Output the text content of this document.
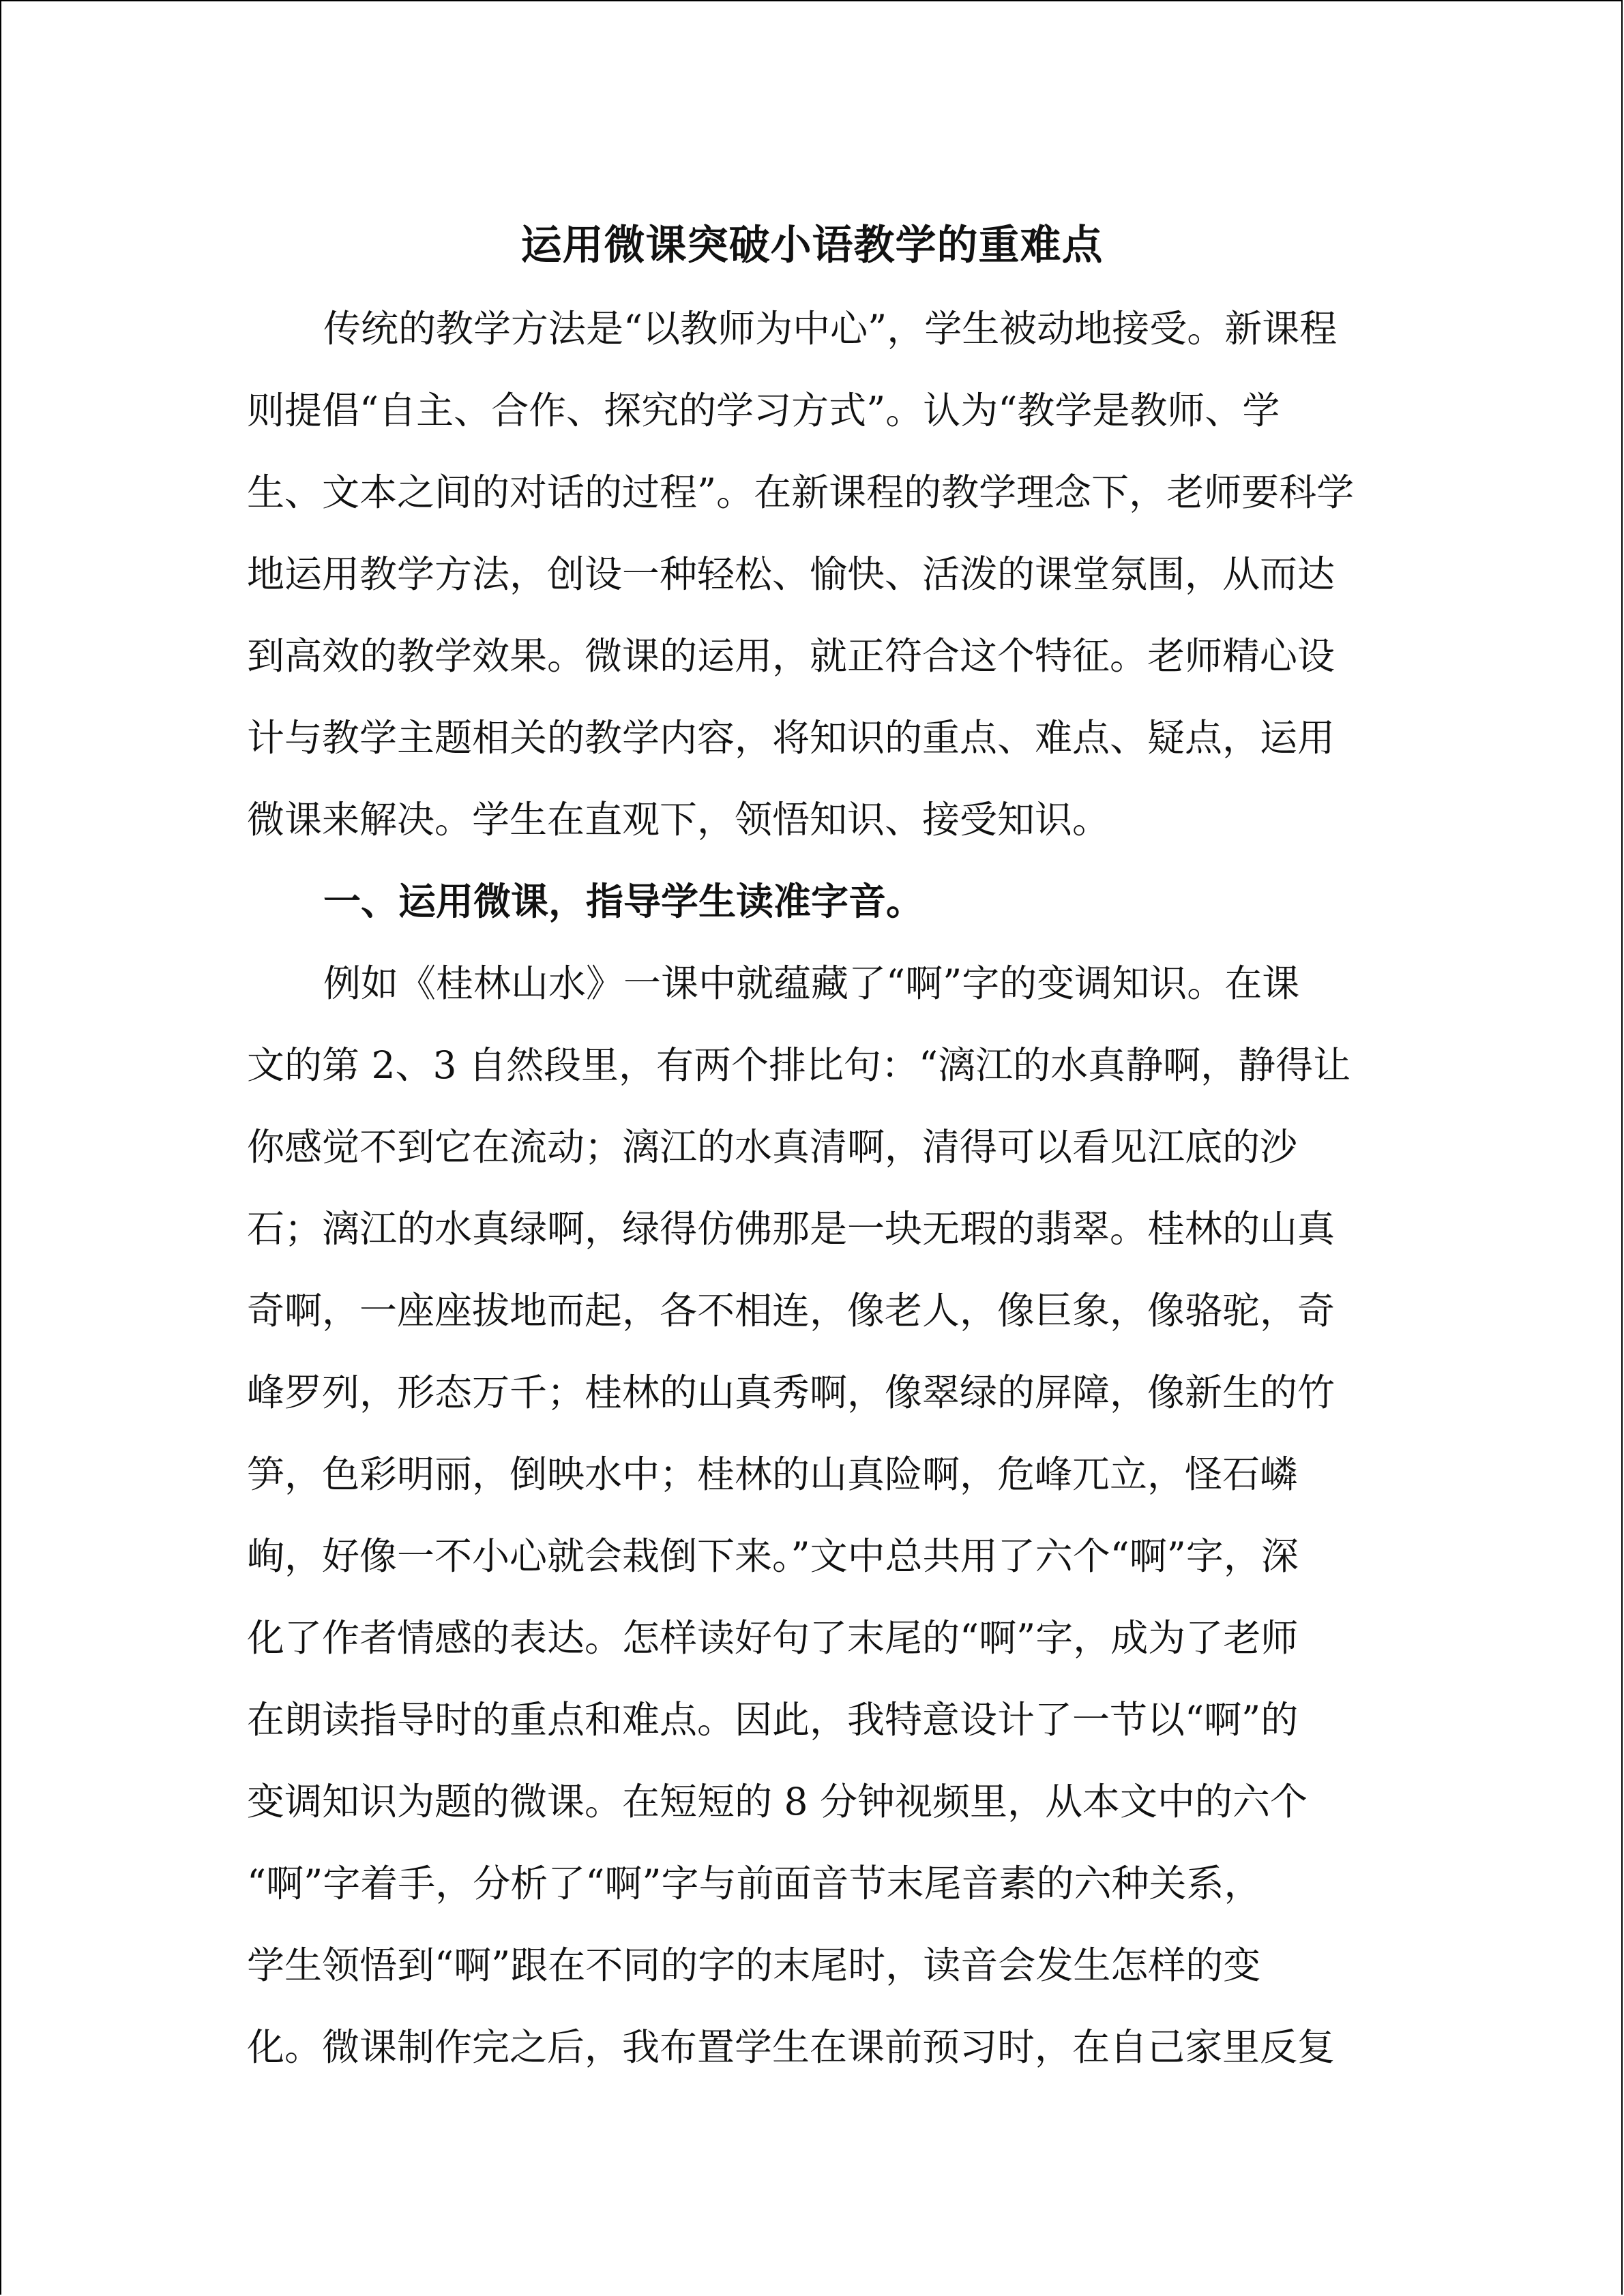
运用微课突破小语教学的重难点
传统的教学方法是“以教师为中心”，学生被动地接受。新课程
则提倡“自主、合作、探究的学习方式”。认为“教学是教师、学
生、文本之间的对话的过程”。在新课程的教学理念下，老师要科学
地运用教学方法，创设一种轻松、愉快、活泼的课堂氛围，从而达
到高效的教学效果。微课的运用，就正符合这个特征。老师精心设
计与教学主题相关的教学内容，将知识的重点、难点、疑点，运用
微课来解决。学生在直观下，领悟知识、接受知识。
一、运用微课，指导学生读准字音。
例如《桂林山水》一课中就蕴藏了“啊”字的变调知识。在课
文的第 2、3 自然段里，有两个排比句：“漓江的水真静啊，静得让
你感觉不到它在流动；漓江的水真清啊，清得可以看见江底的沙
石；漓江的水真绿啊，绿得仿佛那是一块无瑕的翡翠。桂林的山真
奇啊，一座座拔地而起，各不相连，像老人，像巨象，像骆驼，奇
峰罗列，形态万千；桂林的山真秀啊，像翠绿的屏障，像新生的竹
笋，色彩明丽，倒映水中；桂林的山真险啊，危峰兀立，怪石嶙
峋，好像一不小心就会栽倒下来。”文中总共用了六个“啊”字，深
化了作者情感的表达。怎样读好句了末尾的“啊”字，成为了老师
在朗读指导时的重点和难点。因此，我特意设计了一节以“啊”的
变调知识为题的微课。在短短的 8 分钟视频里，从本文中的六个
“啊”字着手，分析了“啊”字与前面音节末尾音素的六种关系，
学生领悟到“啊”跟在不同的字的末尾时，读音会发生怎样的变
化。微课制作完之后，我布置学生在课前预习时，在自己家里反复
